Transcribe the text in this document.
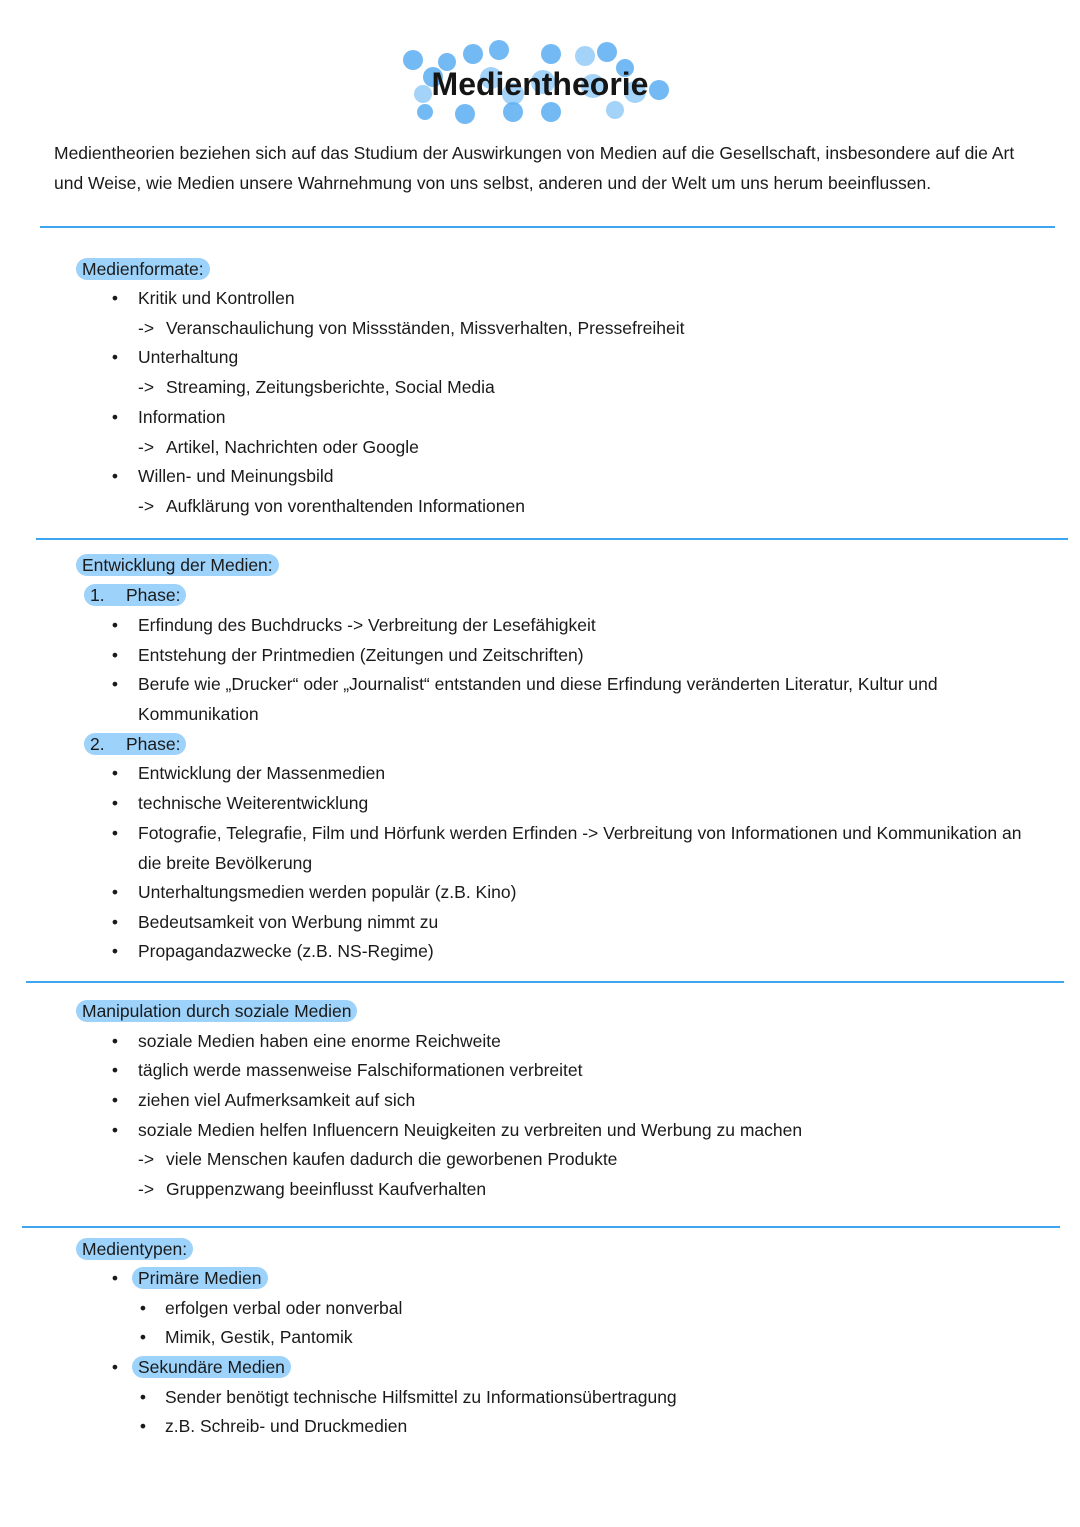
Medientheorie

Medientheorien beziehen sich auf das Studium der Auswirkungen von Medien auf die Gesellschaft, insbesondere auf die Art und Weise, wie Medien unsere Wahrnehmung von uns selbst, anderen und der Welt um uns herum beeinflussen.

Medienformate:
• Kritik und Kontrollen
-> Veranschaulichung von Missständen, Missverhalten, Pressefreiheit
• Unterhaltung
-> Streaming, Zeitungsberichte, Social Media
• Information
-> Artikel, Nachrichten oder Google
• Willen- und Meinungsbild
-> Aufklärung von vorenthaltenden Informationen
Entwicklung der Medien:
1. Phase:
• Erfindung des Buchdrucks -> Verbreitung der Lesefähigkeit
• Entstehung der Printmedien (Zeitungen und Zeitschriften)
• Berufe wie „Drucker“ oder „Journalist“ entstanden und diese Erfindung veränderten Literatur, Kultur und Kommunikation
2. Phase:
• Entwicklung der Massenmedien
• technische Weiterentwicklung
• Fotografie, Telegrafie, Film und Hörfunk werden Erfinden -> Verbreitung von Informationen und Kommunikation an die breite Bevölkerung
• Unterhaltungsmedien werden populär (z.B. Kino)
• Bedeutsamkeit von Werbung nimmt zu
• Propagandazwecke (z.B. NS-Regime)
Manipulation durch soziale Medien
• soziale Medien haben eine enorme Reichweite
• täglich werde massenweise Falschiformationen verbreitet
• ziehen viel Aufmerksamkeit auf sich
• soziale Medien helfen Influencern Neuigkeiten zu verbreiten und Werbung zu machen
-> viele Menschen kaufen dadurch die geworbenen Produkte
-> Gruppenzwang beeinflusst Kaufverhalten
Medientypen:
•	Primäre Medien
• erfolgen verbal oder nonverbal
• Mimik, Gestik, Pantomik
•	Sekundäre Medien
• Sender benötigt technische Hilfsmittel zu Informationsübertragung
• z.B. Schreib- und Druckmedien
